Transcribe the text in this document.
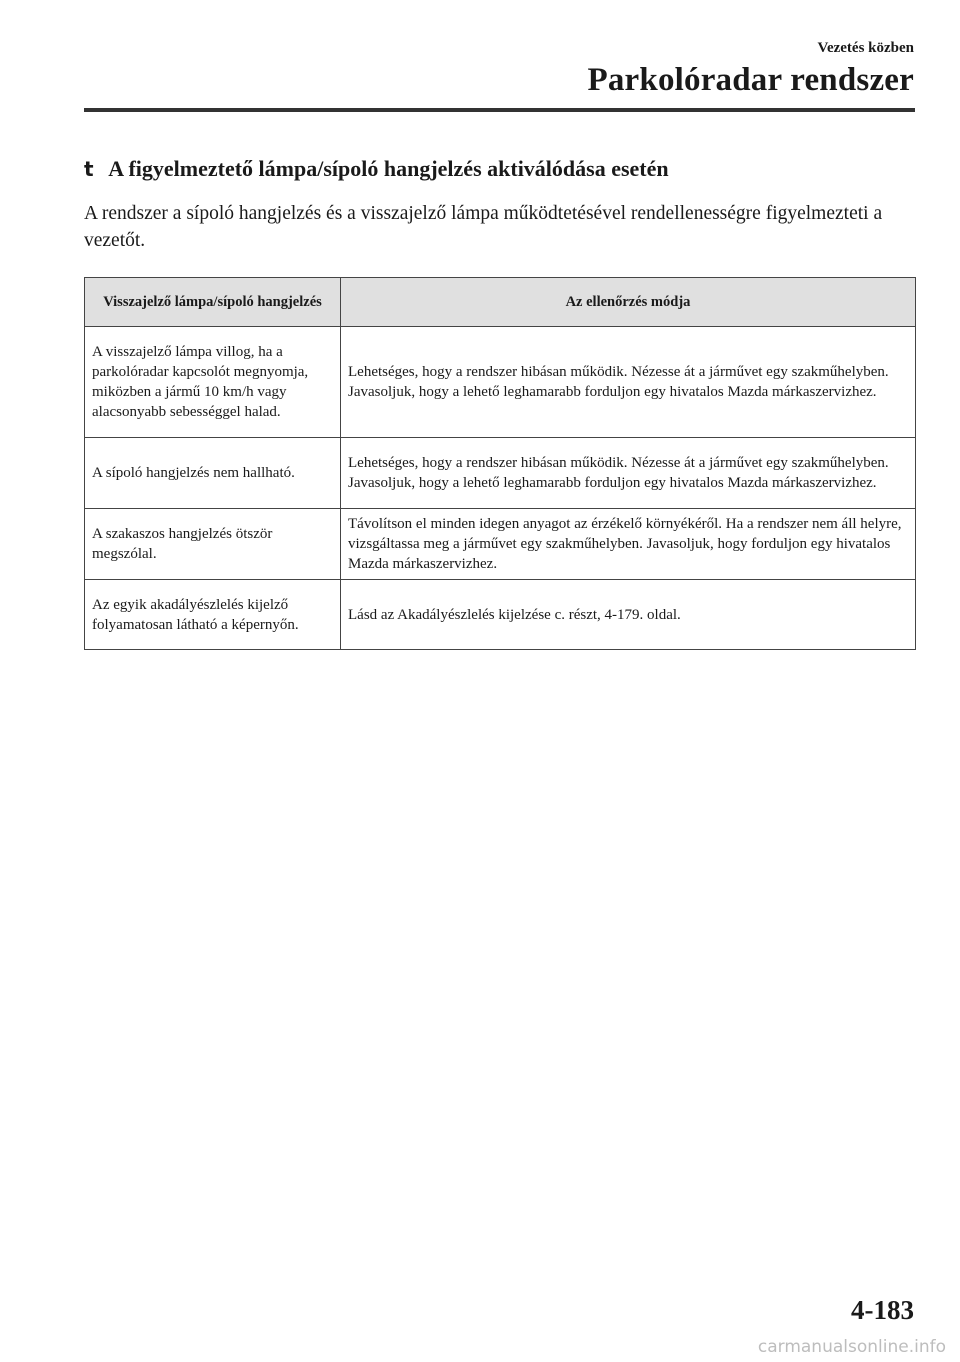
Vezetés közben
Parkolóradar rendszer
t A figyelmeztető lámpa/sípoló hangjelzés aktiválódása esetén
A rendszer a sípoló hangjelzés és a visszajelző lámpa működtetésével rendellenességre figyelmezteti a vezetőt.
Visszajelző lámpa/sípoló hangjelzés	Az ellenőrzés módja
A visszajelző lámpa villog, ha a parkolóradar kapcsolót megnyomja, miközben a jármű 10 km/h vagy alacsonyabb sebességgel halad.	Lehetséges, hogy a rendszer hibásan működik. Nézesse át a járművet egy szakműhelyben. Javasoljuk, hogy a lehető leghamarabb forduljon egy hivatalos Mazda márkaszervizhez.
A sípoló hangjelzés nem hallható.	Lehetséges, hogy a rendszer hibásan működik. Nézesse át a járművet egy szakműhelyben. Javasoljuk, hogy a lehető leghamarabb forduljon egy hivatalos Mazda márkaszervizhez.
A szakaszos hangjelzés ötször megszólal.	Távolítson el minden idegen anyagot az érzékelő környékéről. Ha a rendszer nem áll helyre, vizsgáltassa meg a járművet egy szakműhelyben. Javasoljuk, hogy forduljon egy hivatalos Mazda márkaszervizhez.
Az egyik akadályészlelés kijelző folyamatosan látható a képernyőn.	Lásd az Akadályészlelés kijelzése c. részt, 4-179. oldal.
4-183
carmanualsonline.info
